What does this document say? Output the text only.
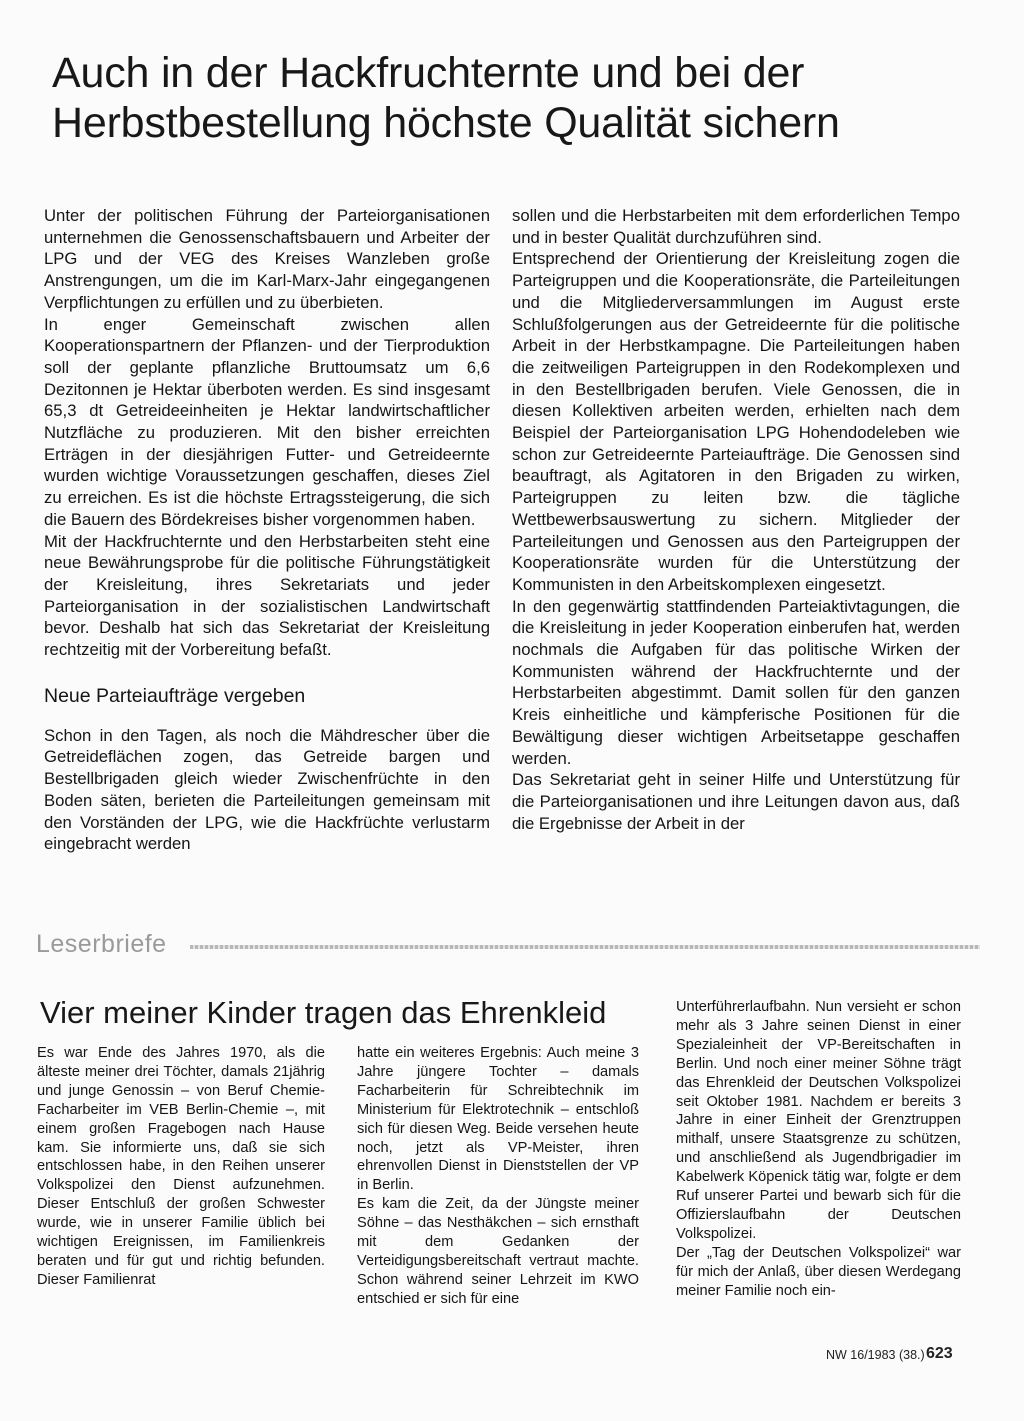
Auch in der Hackfruchternte und bei der Herbstbestellung höchste Qualität sichern

Unter der politischen Führung der Parteiorganisationen unternehmen die Genossenschaftsbauern und Arbeiter der LPG und der VEG des Kreises Wanzleben große Anstrengungen, um die im Karl-Marx-Jahr eingegangenen Verpflichtungen zu erfüllen und zu überbieten.

In enger Gemeinschaft zwischen allen Kooperationspartnern der Pflanzen- und der Tierproduktion soll der geplante pflanzliche Bruttoumsatz um 6,6 Dezitonnen je Hektar überboten werden. Es sind insgesamt 65,3 dt Getreideeinheiten je Hektar landwirtschaftlicher Nutzfläche zu produzieren. Mit den bisher erreichten Erträgen in der diesjährigen Futter- und Getreideernte wurden wichtige Voraussetzungen geschaffen, dieses Ziel zu erreichen. Es ist die höchste Ertragssteigerung, die sich die Bauern des Bördekreises bisher vorgenommen haben.

Mit der Hackfruchternte und den Herbstarbeiten steht eine neue Bewährungsprobe für die politische Führungstätigkeit der Kreisleitung, ihres Sekretariats und jeder Parteiorganisation in der sozialistischen Landwirtschaft bevor. Deshalb hat sich das Sekretariat der Kreisleitung rechtzeitig mit der Vorbereitung befaßt.

Neue Parteiaufträge vergeben

Schon in den Tagen, als noch die Mähdrescher über die Getreideflächen zogen, das Getreide bargen und Bestellbrigaden gleich wieder Zwischenfrüchte in den Boden säten, berieten die Parteileitungen gemeinsam mit den Vorständen der LPG, wie die Hackfrüchte verlustarm eingebracht werden

sollen und die Herbstarbeiten mit dem erforderlichen Tempo und in bester Qualität durchzuführen sind.

Entsprechend der Orientierung der Kreisleitung zogen die Parteigruppen und die Kooperationsräte, die Parteileitungen und die Mitgliederversammlungen im August erste Schlußfolgerungen aus der Getreideernte für die politische Arbeit in der Herbstkampagne. Die Parteileitungen haben die zeitweiligen Parteigruppen in den Rodekomplexen und in den Bestellbrigaden berufen. Viele Genossen, die in diesen Kollektiven arbeiten werden, erhielten nach dem Beispiel der Parteiorganisation LPG Hohendodeleben wie schon zur Getreideernte Parteiaufträge. Die Genossen sind beauftragt, als Agitatoren in den Brigaden zu wirken, Parteigruppen zu leiten bzw. die tägliche Wettbewerbsauswertung zu sichern. Mitglieder der Parteileitungen und Genossen aus den Parteigruppen der Kooperationsräte wurden für die Unterstützung der Kommunisten in den Arbeitskomplexen eingesetzt.

In den gegenwärtig stattfindenden Parteiaktivtagungen, die die Kreisleitung in jeder Kooperation einberufen hat, werden nochmals die Aufgaben für das politische Wirken der Kommunisten während der Hackfruchternte und der Herbstarbeiten abgestimmt. Damit sollen für den ganzen Kreis einheitliche und kämpferische Positionen für die Bewältigung dieser wichtigen Arbeitsetappe geschaffen werden.

Das Sekretariat geht in seiner Hilfe und Unterstützung für die Parteiorganisationen und ihre Leitungen davon aus, daß die Ergebnisse der Arbeit in der

Leserbriefe
Vier meiner Kinder tragen das Ehrenkleid

Es war Ende des Jahres 1970, als die älteste meiner drei Töchter, damals 21jährig und junge Genossin – von Beruf Chemie-Facharbeiter im VEB Berlin-Chemie –, mit einem großen Fragebogen nach Hause kam. Sie informierte uns, daß sie sich entschlossen habe, in den Reihen unserer Volkspolizei den Dienst aufzunehmen. Dieser Entschluß der großen Schwester wurde, wie in unserer Familie üblich bei wichtigen Ereignissen, im Familienkreis beraten und für gut und richtig befunden. Dieser Familienrat

hatte ein weiteres Ergebnis: Auch meine 3 Jahre jüngere Tochter – damals Facharbeiterin für Schreibtechnik im Ministerium für Elektrotechnik – entschloß sich für diesen Weg. Beide versehen heute noch, jetzt als VP-Meister, ihren ehrenvollen Dienst in Dienststellen der VP in Berlin.

Es kam die Zeit, da der Jüngste meiner Söhne – das Nesthäkchen – sich ernsthaft mit dem Gedanken der Verteidigungsbereitschaft vertraut machte. Schon während seiner Lehrzeit im KWO entschied er sich für eine

Unterführerlaufbahn. Nun versieht er schon mehr als 3 Jahre seinen Dienst in einer Spezialeinheit der VP-Bereitschaften in Berlin. Und noch einer meiner Söhne trägt das Ehrenkleid der Deutschen Volkspolizei seit Oktober 1981. Nachdem er bereits 3 Jahre in einer Einheit der Grenztruppen mithalf, unsere Staatsgrenze zu schützen, und anschließend als Jugendbrigadier im Kabelwerk Köpenick tätig war, folgte er dem Ruf unserer Partei und bewarb sich für die Offizierslaufbahn der Deutschen Volkspolizei.

Der „Tag der Deutschen Volkspolizei“ war für mich der Anlaß, über diesen Werdegang meiner Familie noch ein-

NW 16/1983 (38.) 623
